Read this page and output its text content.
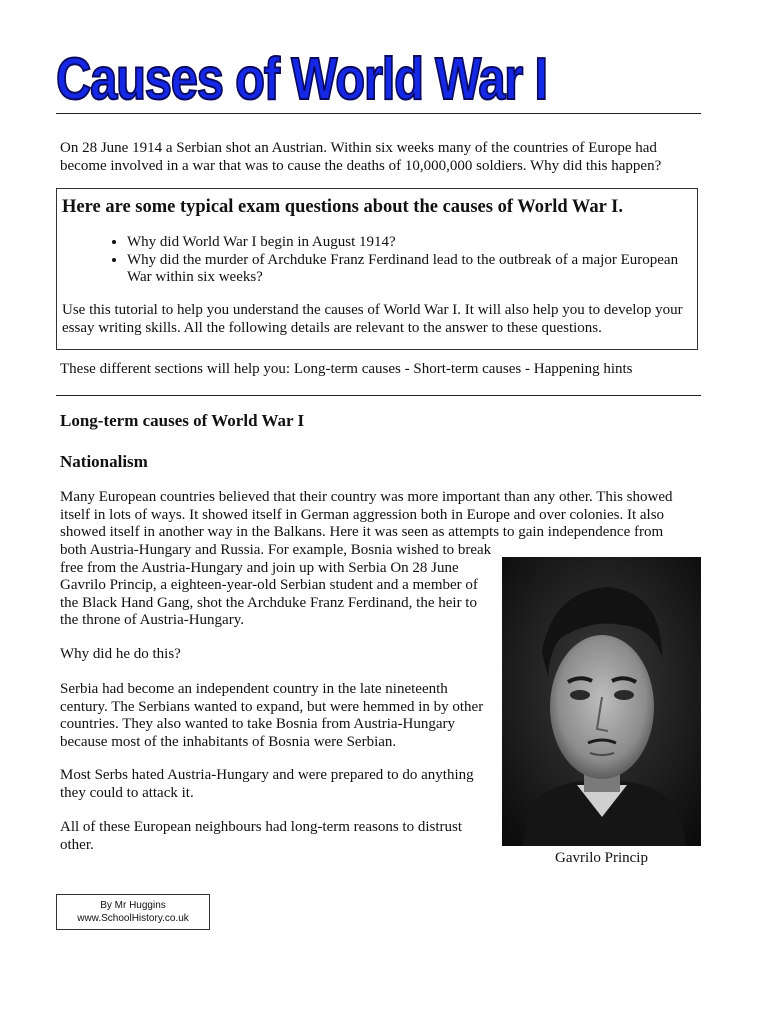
Causes of World War I
On 28 June 1914 a Serbian shot an Austrian. Within six weeks many of the countries of Europe had become involved in a war that was to cause the deaths of 10,000,000 soldiers. Why did this happen?
Here are some typical exam questions about the causes of World War I.
• Why did World War I begin in August 1914?
• Why did the murder of Archduke Franz Ferdinand lead to the outbreak of a major European War within six weeks?
Use this tutorial to help you understand the causes of World War I. It will also help you to develop your essay writing skills. All the following details are relevant to the answer to these questions.
These different sections will help you: Long-term causes - Short-term causes - Happening hints
Long-term causes of World War I
Nationalism
Many European countries believed that their country was more important than any other. This showed itself in lots of ways. It showed itself in German aggression both in Europe and over colonies. It also showed itself in another way in the Balkans. Here it was seen as attempts to gain independence from
both Austria-Hungary and Russia. For example, Bosnia wished to break free from the Austria-Hungary and join up with Serbia On 28 June Gavrilo Princip, a eighteen-year-old Serbian student and a member of the Black Hand Gang, shot the Archduke Franz Ferdinand, the heir to the throne of Austria-Hungary.
Why did he do this?
Serbia had become an independent country in the late nineteenth century. The Serbians wanted to expand, but were hemmed in by other countries. They also wanted to take Bosnia from Austria-Hungary because most of the inhabitants of Bosnia were Serbian.
Most Serbs hated Austria-Hungary and were prepared to do anything they could to attack it.
All of these European neighbours had long-term reasons to distrust other.
Gavrilo Princip
By Mr Huggins
www.SchoolHistory.co.uk
